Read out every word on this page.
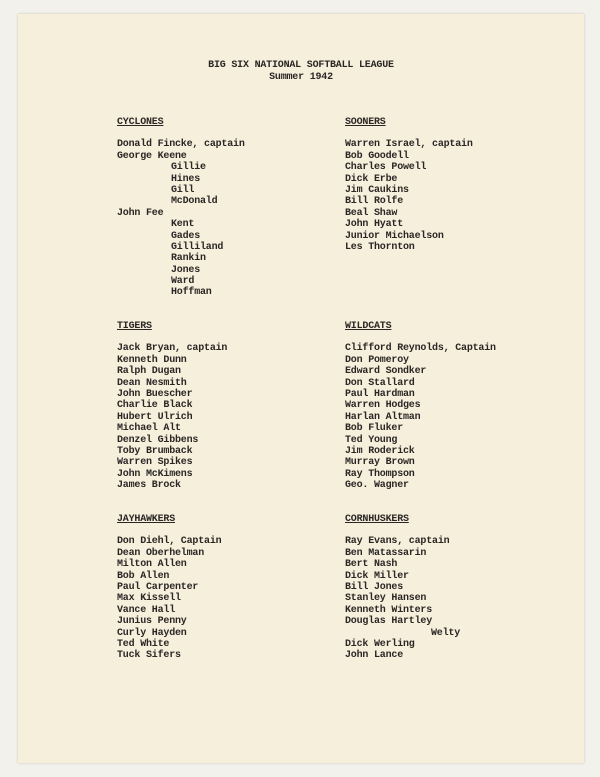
BIG SIX NATIONAL SOFTBALL LEAGUE
Summer 1942
CYCLONES
Donald Fincke, captain
George Keene
Gillie
Hines
Gill
McDonald
John Fee
Kent
Gades
Gilliland
Rankin
Jones
Ward
Hoffman
SOONERS
Warren Israel, captain
Bob Goodell
Charles Powell
Dick Erbe
Jim Caukins
Bill Rolfe
Beal Shaw
John Hyatt
Junior Michaelson
Les Thornton
TIGERS
Jack Bryan, captain
Kenneth Dunn
Ralph Dugan
Dean Nesmith
John Buescher
Charlie Black
Hubert Ulrich
Michael Alt
Denzel Gibbens
Toby Brumback
Warren Spikes
John McKimens
James Brock
WILDCATS
Clifford Reynolds, Captain
Don Pomeroy
Edward Sondker
Don Stallard
Paul Hardman
Warren Hodges
Harlan Altman
Bob Fluker
Ted Young
Jim Roderick
Murray Brown
Ray Thompson
Geo. Wagner
JAYHAWKERS
Don Diehl, Captain
Dean Oberhelman
Milton Allen
Bob Allen
Paul Carpenter
Max Kissell
Vance Hall
Junius Penny
Curly Hayden
Ted White
Tuck Sifers
CORNHUSKERS
Ray Evans, captain
Ben Matassarin
Bert Nash
Dick Miller
Bill Jones
Stanley Hansen
Kenneth Winters
Douglas Hartley
Welty
Dick Werling
John Lance
